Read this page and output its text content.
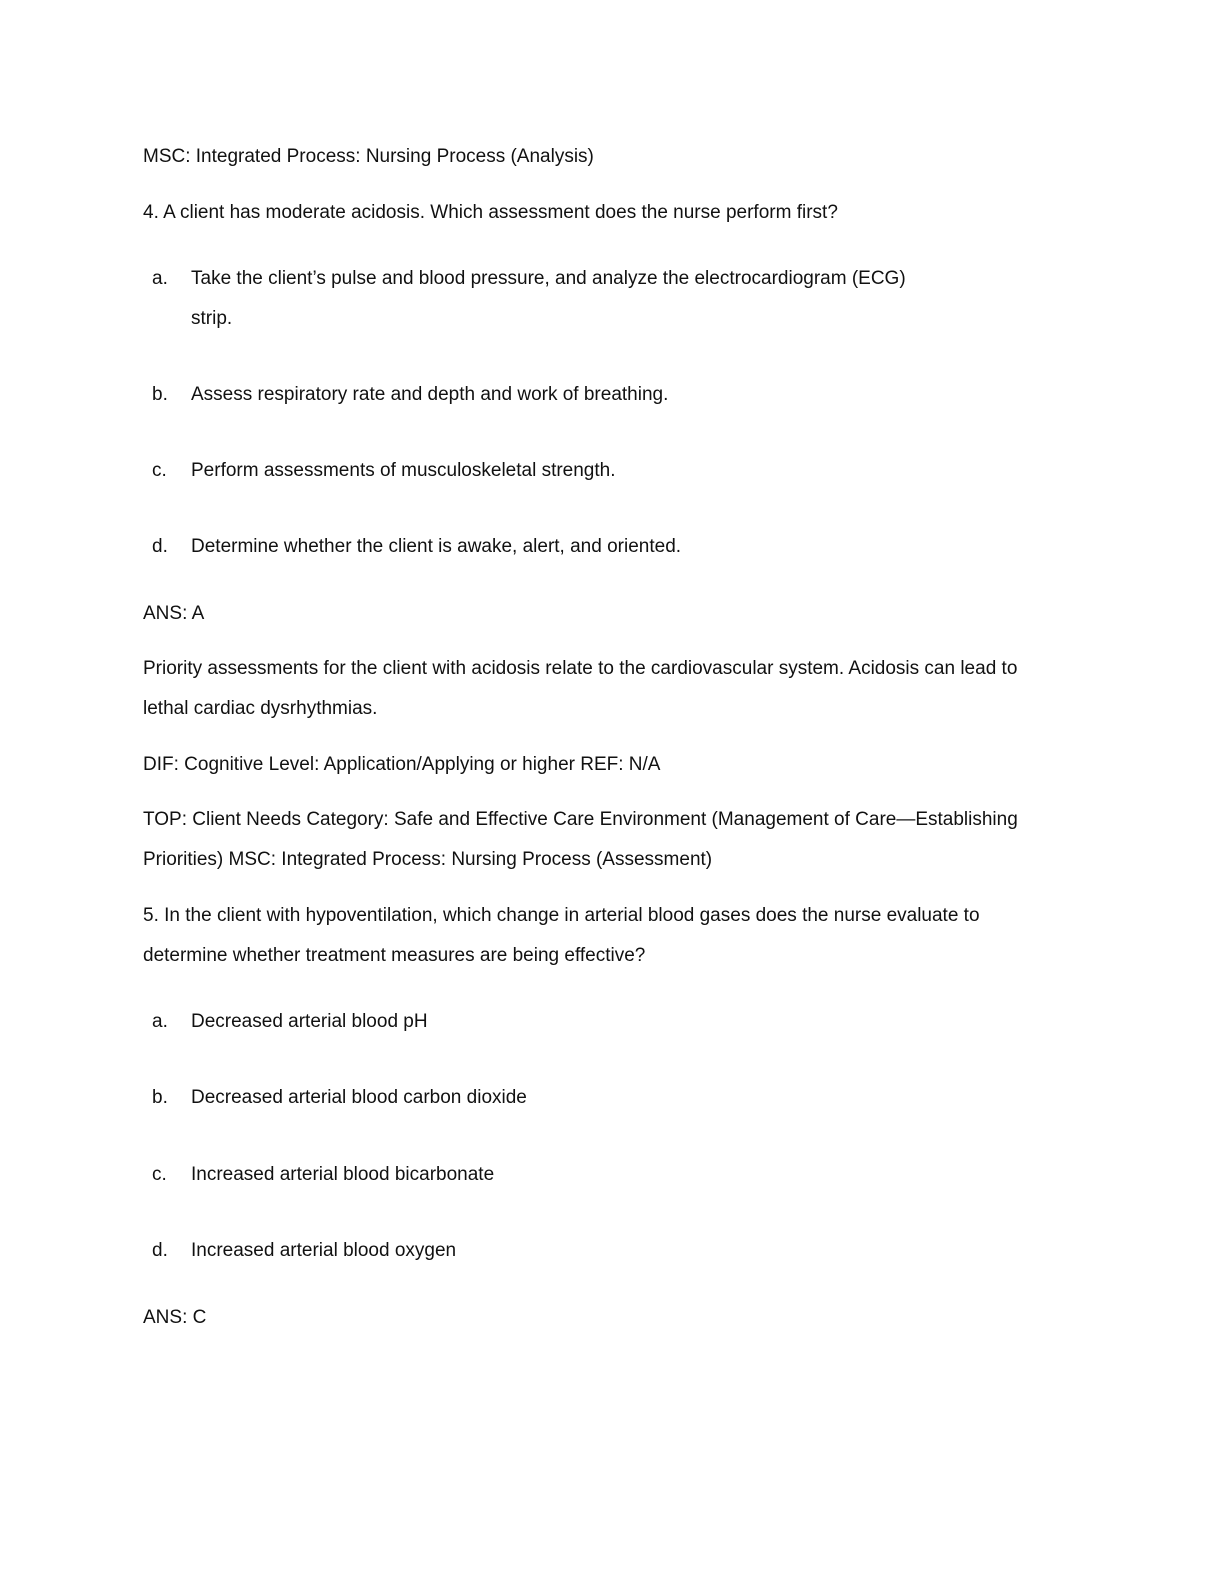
MSC: Integrated Process: Nursing Process (Analysis)
4. A client has moderate acidosis. Which assessment does the nurse perform first?
a. Take the client’s pulse and blood pressure, and analyze the electrocardiogram (ECG)
strip.
b. Assess respiratory rate and depth and work of breathing.
c. Perform assessments of musculoskeletal strength.
d. Determine whether the client is awake, alert, and oriented.
ANS: A
Priority assessments for the client with acidosis relate to the cardiovascular system. Acidosis can lead to
lethal cardiac dysrhythmias.
DIF: Cognitive Level: Application/Applying or higher REF: N/A
TOP: Client Needs Category: Safe and Effective Care Environment (Management of Care—Establishing
Priorities) MSC: Integrated Process: Nursing Process (Assessment)
5. In the client with hypoventilation, which change in arterial blood gases does the nurse evaluate to
determine whether treatment measures are being effective?
a. Decreased arterial blood pH
b. Decreased arterial blood carbon dioxide
c. Increased arterial blood bicarbonate
d. Increased arterial blood oxygen
ANS: C
